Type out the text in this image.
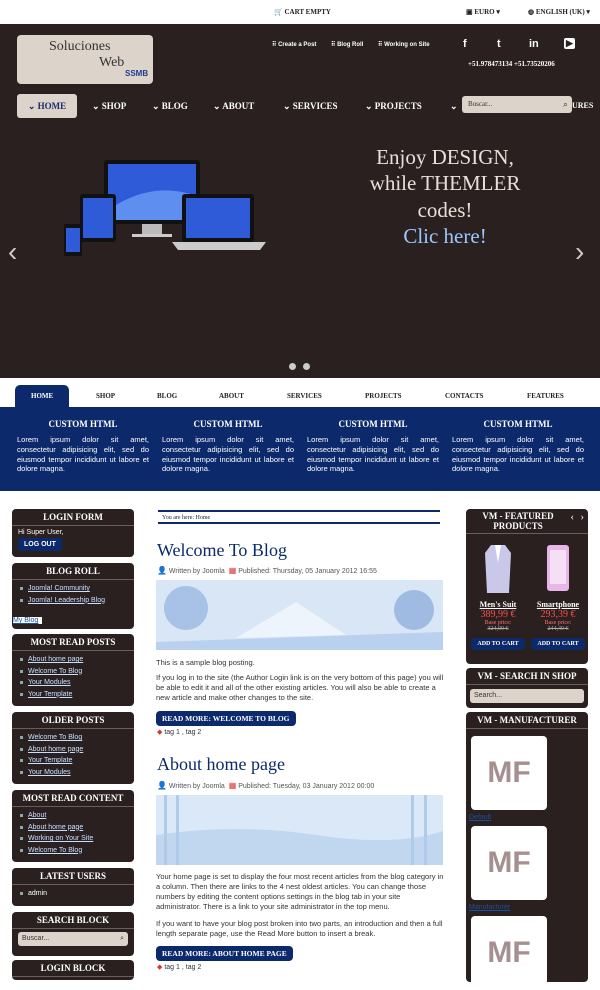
🛒 CART EMPTY	▣ EURO ▾	◍ ENGLISH (UK) ▾
Soluciones
Web
SSMB
⠿ Create a Post ⠿ Blog Roll ⠿ Working on Site	f	t	in	▶
+51.978473134 +51.73520206
⌄ HOME	⌄ SHOP	⌄ BLOG	⌄ ABOUT	⌄ SERVICES	⌄ PROJECTS	⌄	URES
Buscar...	⌕
‹	›
Enjoy DESIGN,
while THEMLER
codes!
Clic here!
HOME	SHOP	BLOG	ABOUT	SERVICES	PROJECTS	CONTACTS	FEATURES
CUSTOM HTML
Lorem ipsum dolor sit amet, consectetur adipisicing elit, sed do eiusmod tempor incididunt ut labore et dolore magna.
CUSTOM HTML
Lorem ipsum dolor sit amet, consectetur adipisicing elit, sed do eiusmod tempor incididunt ut labore et dolore magna.
CUSTOM HTML
Lorem ipsum dolor sit amet, consectetur adipisicing elit, sed do eiusmod tempor incididunt ut labore et dolore magna.
CUSTOM HTML
Lorem ipsum dolor sit amet, consectetur adipisicing elit, sed do eiusmod tempor incididunt ut labore et dolore magna.
LOGIN FORM
Hi Super User,
LOG OUT
BLOG ROLL
Joomla! Community
Joomla! Leadership Blog
My Blog
MOST READ POSTS
About home page
Welcome To Blog
Your Modules
Your Template
OLDER POSTS
Welcome To Blog
About home page
Your Template
Your Modules
MOST READ CONTENT
About
About home page
Working on Your Site
Welcome To Blog
LATEST USERS
admin
SEARCH BLOCK
Buscar...	⌕
LOGIN BLOCK
You are here: Home
Welcome To Blog
👤 Written by Joomla ▦ Published: Thursday, 05 January 2012 16:55
This is a sample blog posting.
If you log in to the site (the Author Login link is on the very bottom of this page) you will be able to edit it and all of the other existing articles. You will also be able to create a new article and make other changes to the site.
READ MORE: WELCOME TO BLOG
◆ tag 1 , tag 2
About home page
👤 Written by Joomla ▦ Published: Tuesday, 03 January 2012 00:00
Your home page is set to display the four most recent articles from the blog category in a column. Then there are links to the 4 nest oldest articles. You can change those numbers by editing the content options settings in the blog tab in your site administrator. There is a link to your site administrator in the top menu.
If you want to have your blog post broken into two parts, an introduction and then a full length separate page, use the Read More button to insert a break.
READ MORE: ABOUT HOME PAGE
◆ tag 1 , tag 2
VM - FEATURED PRODUCTS
‹ ›
Men's Suit
389,99 €
Base price:
324,99 €
ADD TO CART
Smartphone
293,39 €
Base price:
244,49 €
ADD TO CART
VM - SEARCH IN SHOP
Search...
VM - MANUFACTURER
MF
Default
MF
Manufacturer
MF
